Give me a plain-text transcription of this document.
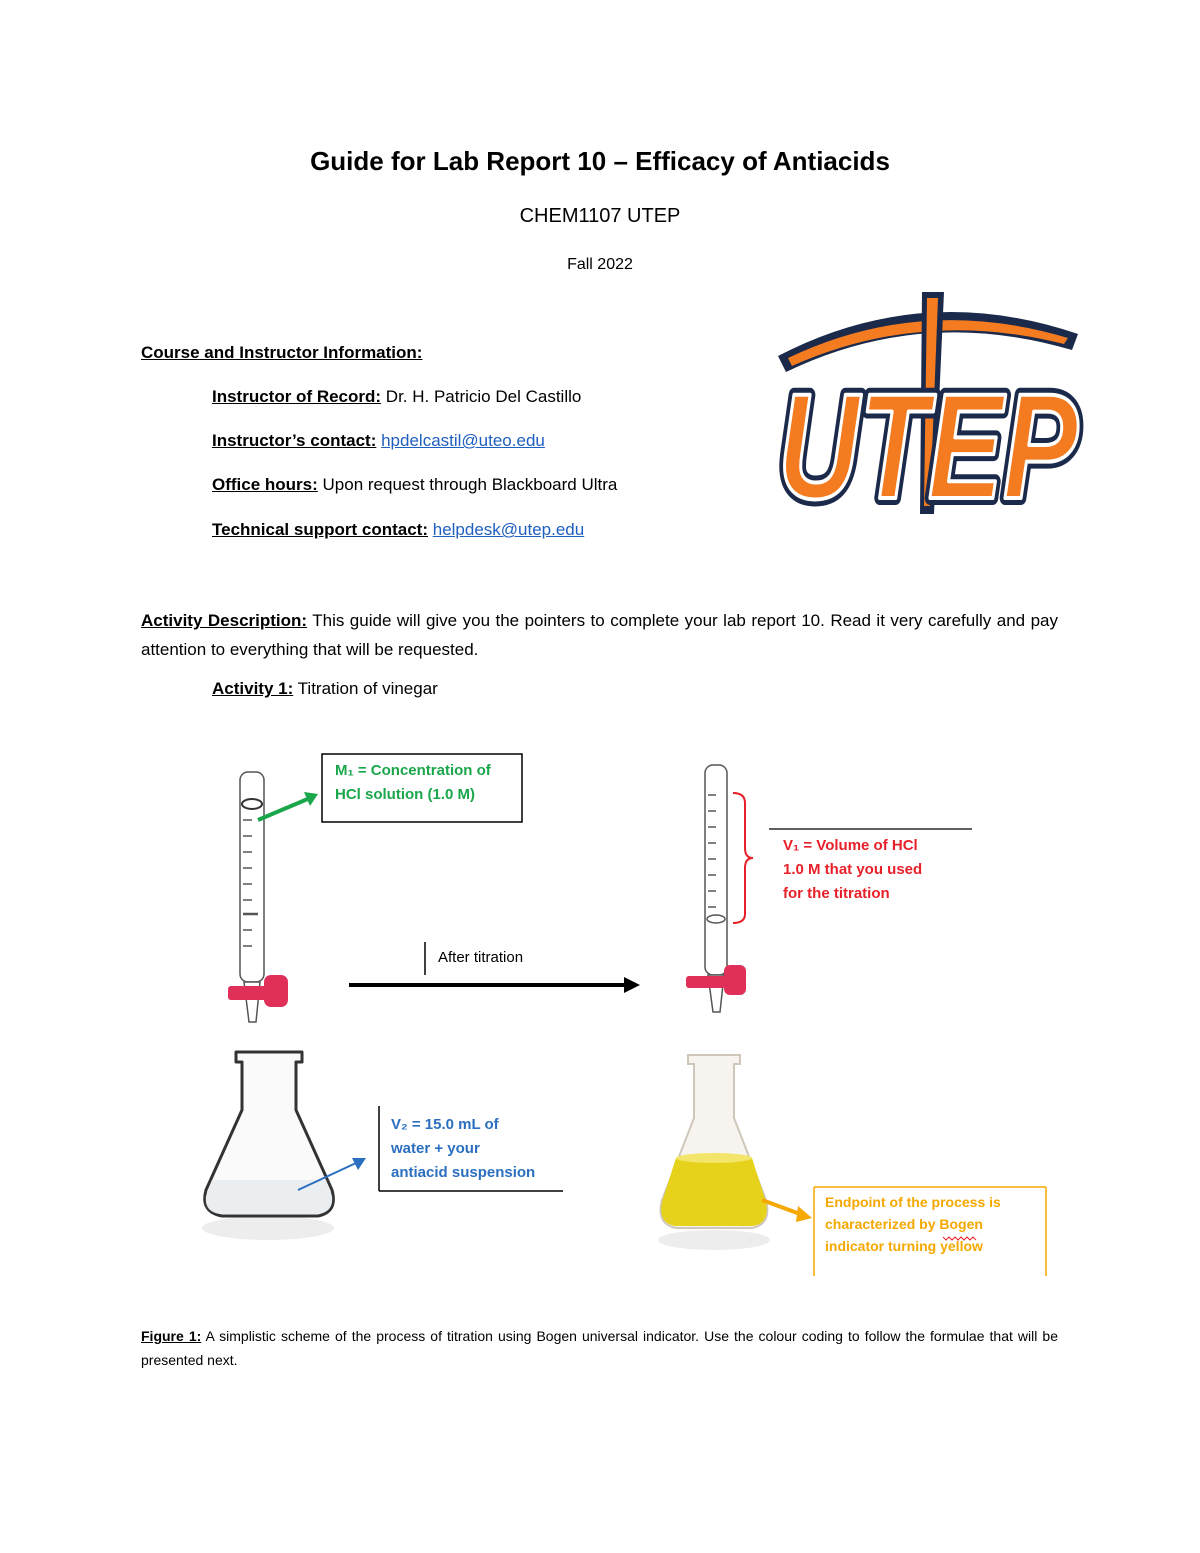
Guide for Lab Report 10 – Efficacy of Antiacids
CHEM1107 UTEP
Fall 2022
UTEP
UTEP
Course and Instructor Information:
Instructor of Record: Dr. H. Patricio Del Castillo
Instructor’s contact: hpdelcastil@uteo.edu
Office hours: Upon request through Blackboard Ultra
Technical support contact: helpdesk@utep.edu
Activity Description: This guide will give you the pointers to complete your lab report 10. Read it very carefully and pay attention to everything that will be requested.
Activity 1: Titration of vinegar
M₁ = Concentration of
HCl solution (1.0 M)
V₁ = Volume of HCl
1.0 M that you used
for the titration
After titration
V₂ = 15.0 mL of
water + your
antiacid suspension
Endpoint of the process is
characterized by Bogen
indicator turning yellow
Figure 1: A simplistic scheme of the process of titration using Bogen universal indicator. Use the colour coding to follow the formulae that will be presented next.
